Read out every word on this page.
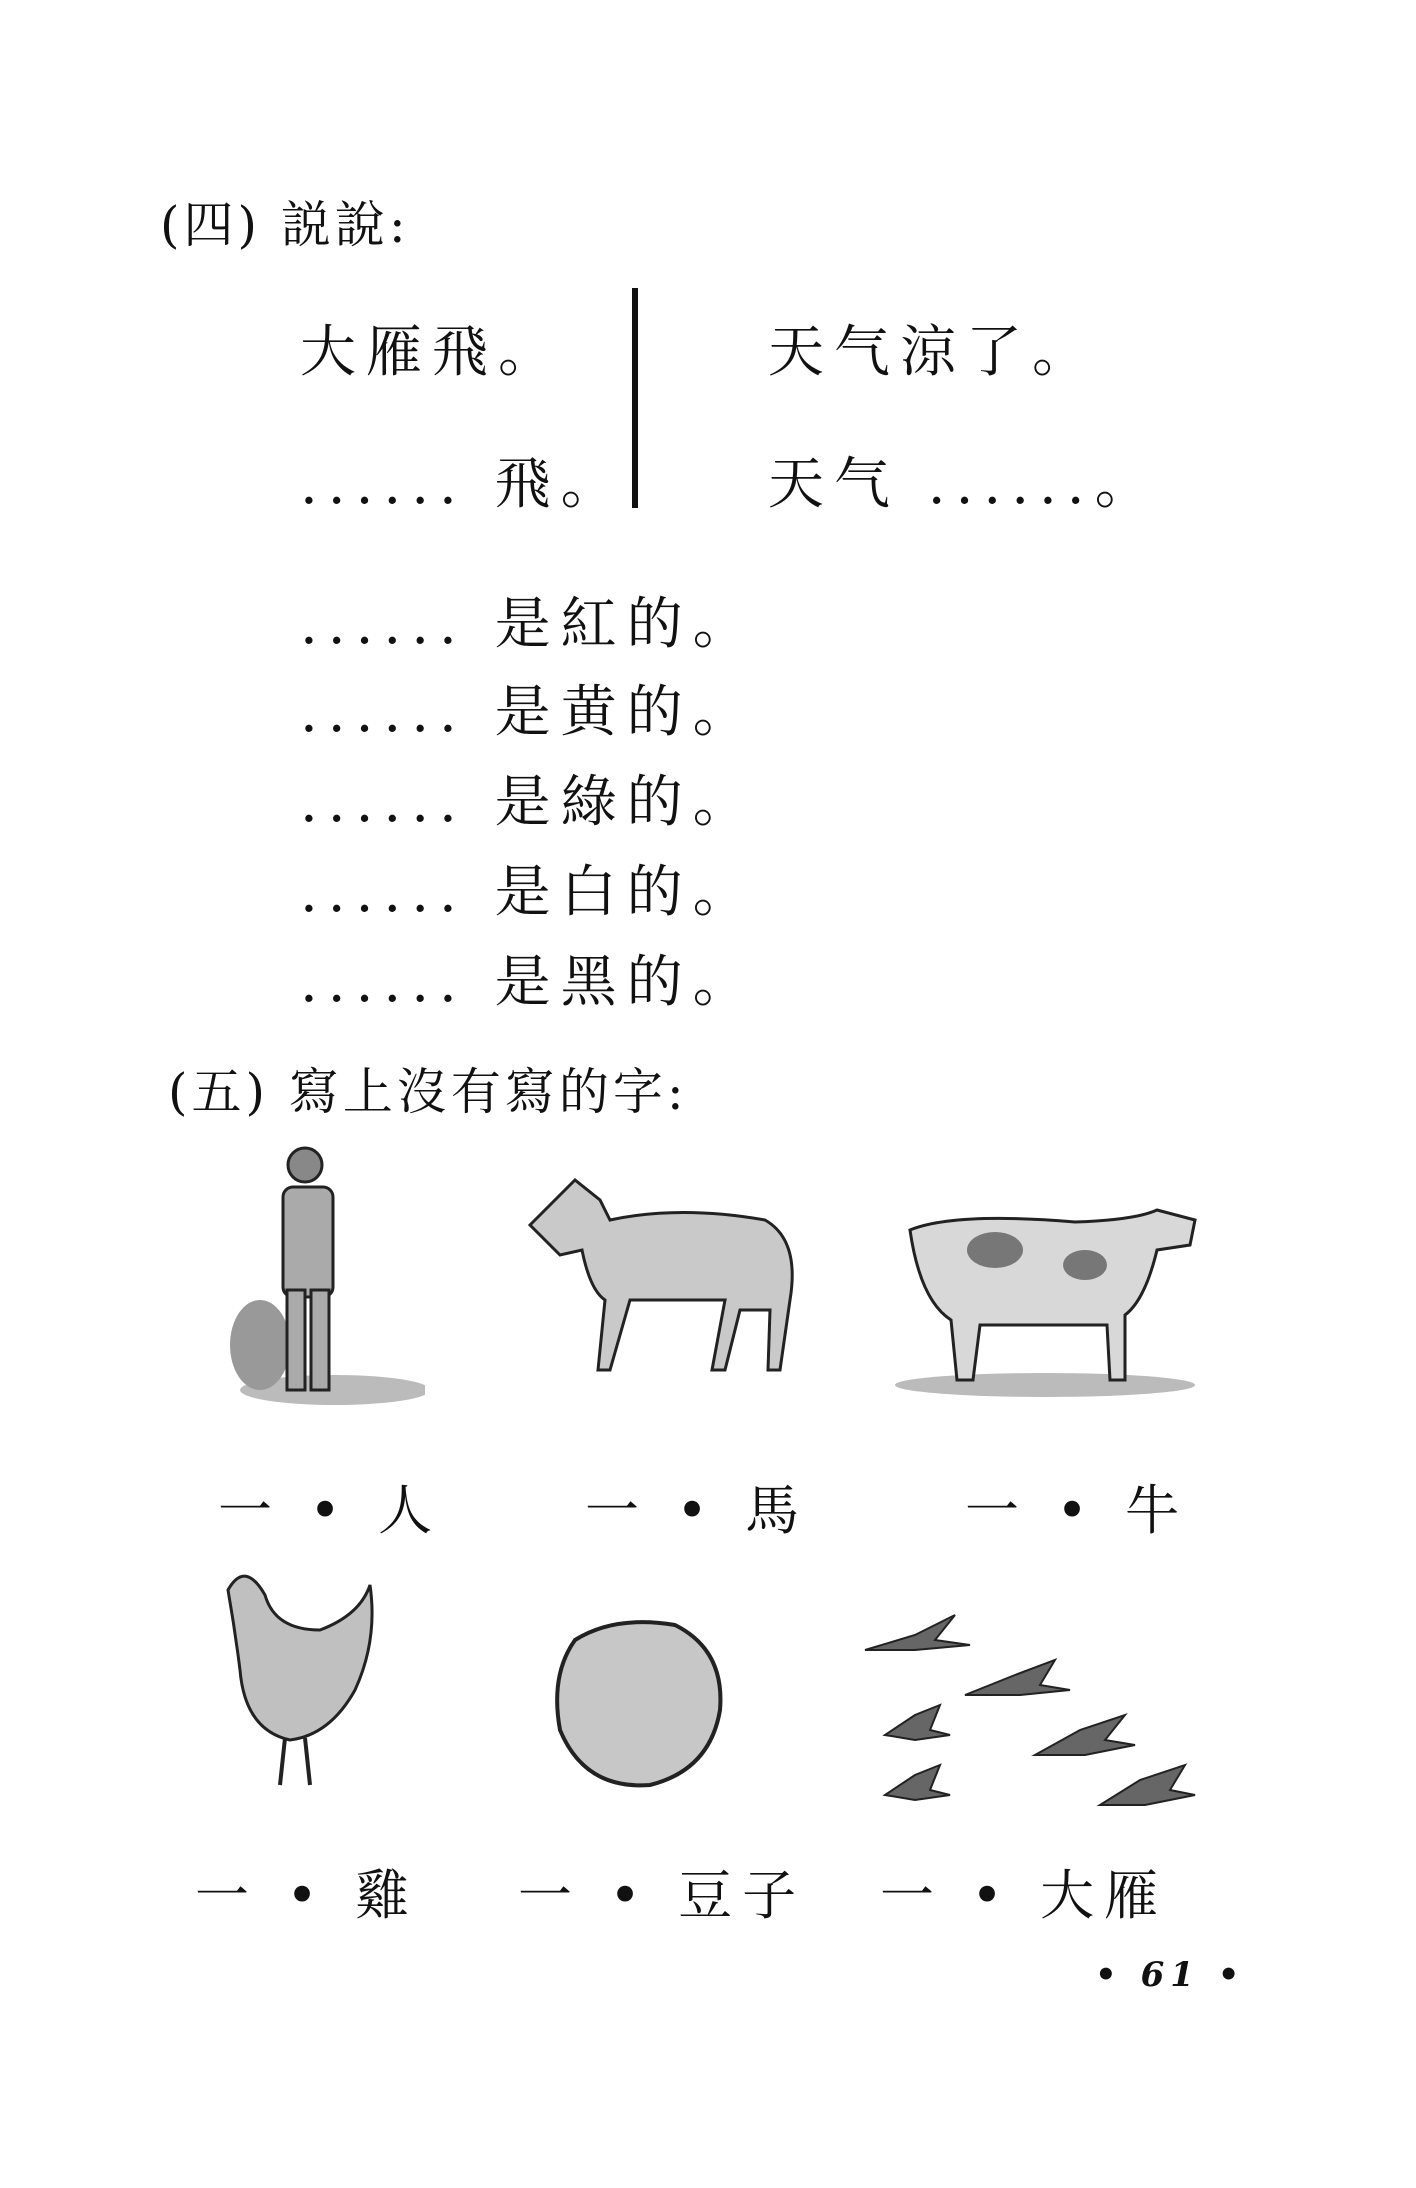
(四) 説說:
大雁飛。
...... 飛。
天气涼了。
天气 ......。
...... 是紅的。
...... 是黄的。
...... 是綠的。
...... 是白的。
...... 是黑的。
(五) 寫上沒有寫的字:
一 • 人	一 • 馬	一 • 牛
一 • 雞 一 • 豆子 一 • 大雁
• 61 •
